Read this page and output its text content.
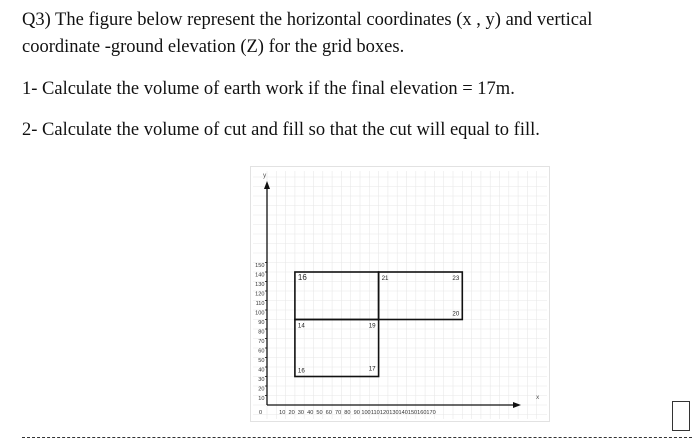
Q3) The figure below represent the horizontal coordinates (x , y) and vertical

coordinate -ground elevation (Z) for the grid boxes.

1- Calculate the volume of earth work if the final elevation = 17m.

2- Calculate the volume of cut and fill so that the cut will equal to fill.

y
x
0
10
20
30
40
50
60
70
80
90
100
110
120
130
140
150
10 20 30 40 50 60 70 80 90 100 110 120 130 140 150 160 170
16	21	23
14	19
20
16	17
